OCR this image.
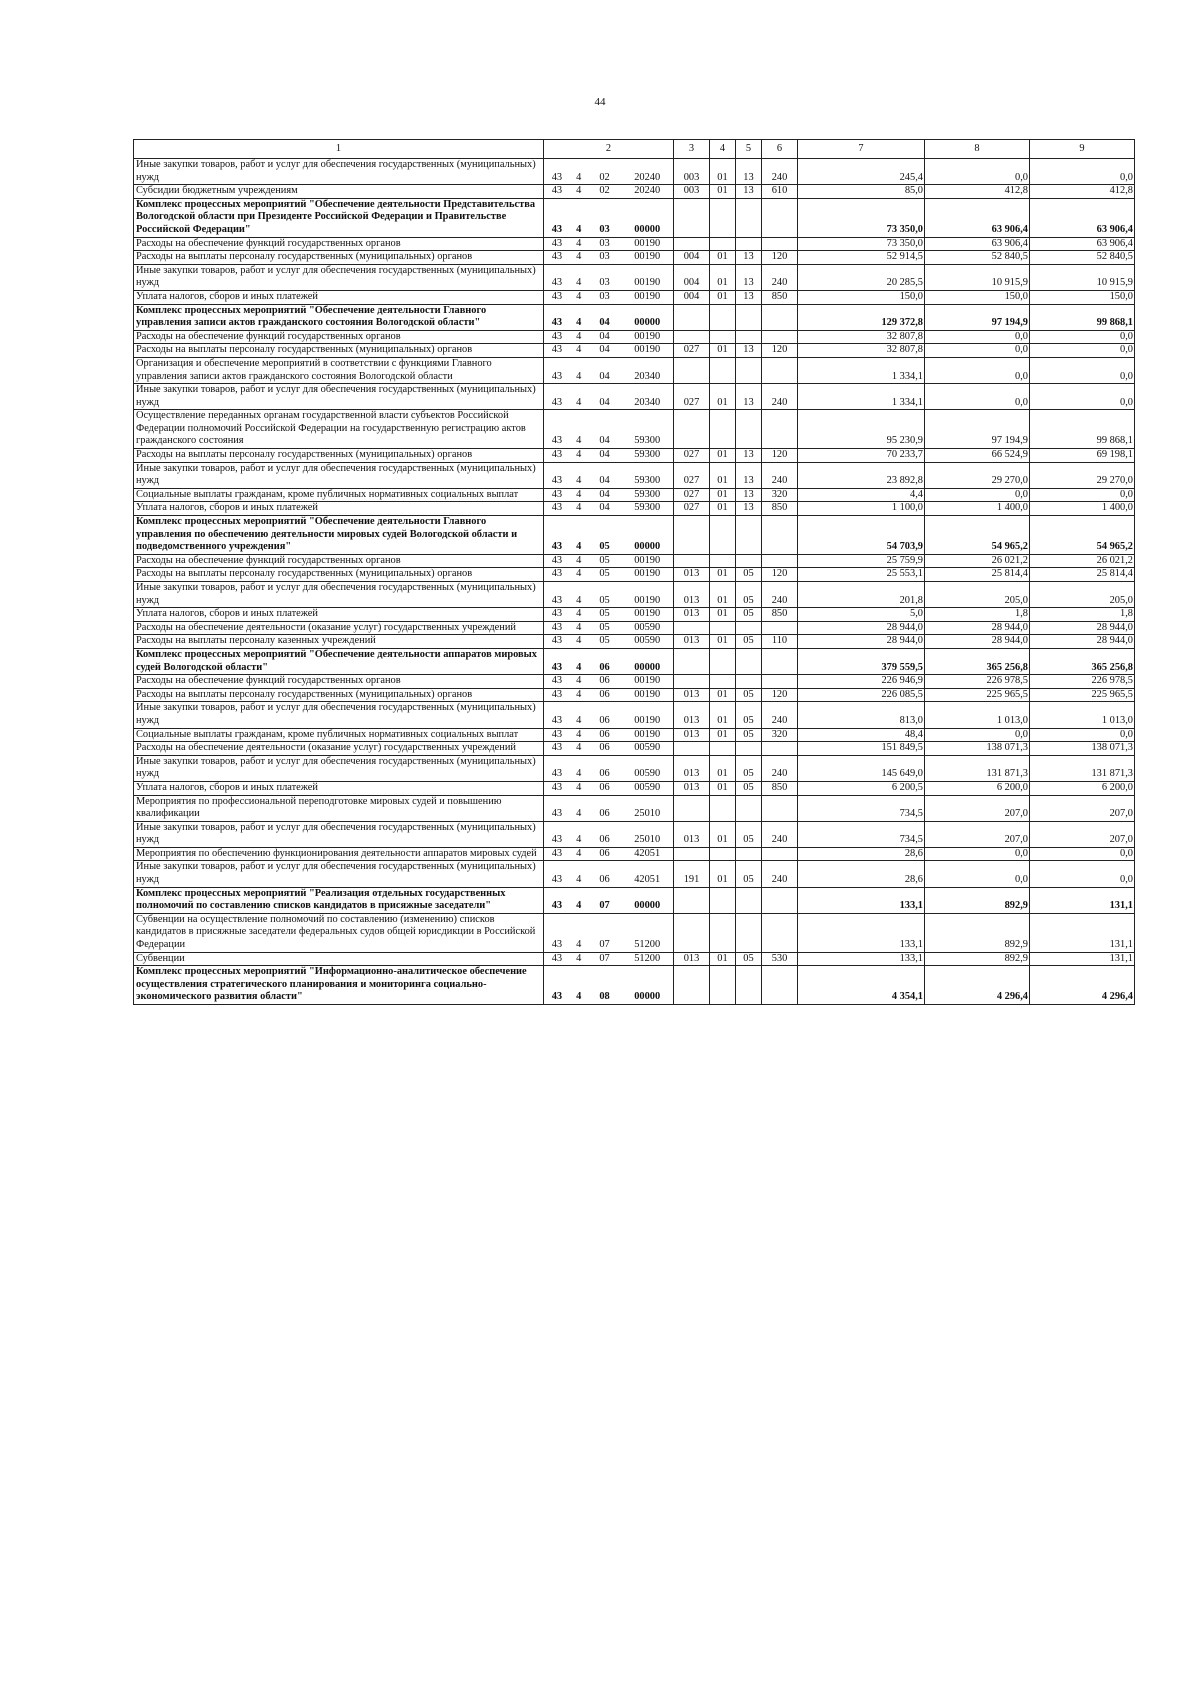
44
1	2	3	4	5	6	7	8	9
Иные закупки товаров, работ и услуг для обеспечения государственных (муниципальных) нужд	43 4 02 20240	003	01	13	240	245,4	0,0	0,0
Субсидии бюджетным учреждениям	43 4 02 20240	003	01	13	610	85,0	412,8	412,8
Комплекс процессных мероприятий "Обеспечение деятельности Представительства Вологодской области при Президенте Российской Федерации и Правительстве Российской Федерации"	43 4 03 00000					73 350,0	63 906,4	63 906,4
Расходы на обеспечение функций государственных органов	43 4 03 00190					73 350,0	63 906,4	63 906,4
Расходы на выплаты персоналу государственных (муниципальных) органов	43 4 03 00190	004	01	13	120	52 914,5	52 840,5	52 840,5
Иные закупки товаров, работ и услуг для обеспечения государственных (муниципальных) нужд	43 4 03 00190	004	01	13	240	20 285,5	10 915,9	10 915,9
Уплата налогов, сборов и иных платежей	43 4 03 00190	004	01	13	850	150,0	150,0	150,0
Комплекс процессных мероприятий "Обеспечение деятельности Главного управления записи актов гражданского состояния Вологодской области"	43 4 04 00000					129 372,8	97 194,9	99 868,1
Расходы на обеспечение функций государственных органов	43 4 04 00190					32 807,8	0,0	0,0
Расходы на выплаты персоналу государственных (муниципальных) органов	43 4 04 00190	027	01	13	120	32 807,8	0,0	0,0
Организация и обеспечение мероприятий в соответствии с функциями Главного управления записи актов гражданского состояния Вологодской области	43 4 04 20340					1 334,1	0,0	0,0
Иные закупки товаров, работ и услуг для обеспечения государственных (муниципальных) нужд	43 4 04 20340	027	01	13	240	1 334,1	0,0	0,0
Осуществление переданных органам государственной власти субъектов Российской Федерации полномочий Российской Федерации на государственную регистрацию актов гражданского состояния	43 4 04 59300					95 230,9	97 194,9	99 868,1
Расходы на выплаты персоналу государственных (муниципальных) органов	43 4 04 59300	027	01	13	120	70 233,7	66 524,9	69 198,1
Иные закупки товаров, работ и услуг для обеспечения государственных (муниципальных) нужд	43 4 04 59300	027	01	13	240	23 892,8	29 270,0	29 270,0
Социальные выплаты гражданам, кроме публичных нормативных социальных выплат	43 4 04 59300	027	01	13	320	4,4	0,0	0,0
Уплата налогов, сборов и иных платежей	43 4 04 59300	027	01	13	850	1 100,0	1 400,0	1 400,0
Комплекс процессных мероприятий "Обеспечение деятельности Главного управления по обеспечению деятельности мировых судей Вологодской области и подведомственного учреждения"	43 4 05 00000					54 703,9	54 965,2	54 965,2
Расходы на обеспечение функций государственных органов	43 4 05 00190					25 759,9	26 021,2	26 021,2
Расходы на выплаты персоналу государственных (муниципальных) органов	43 4 05 00190	013	01	05	120	25 553,1	25 814,4	25 814,4
Иные закупки товаров, работ и услуг для обеспечения государственных (муниципальных) нужд	43 4 05 00190	013	01	05	240	201,8	205,0	205,0
Уплата налогов, сборов и иных платежей	43 4 05 00190	013	01	05	850	5,0	1,8	1,8
Расходы на обеспечение деятельности (оказание услуг) государственных учреждений	43 4 05 00590					28 944,0	28 944,0	28 944,0
Расходы на выплаты персоналу казенных учреждений	43 4 05 00590	013	01	05	110	28 944,0	28 944,0	28 944,0
Комплекс процессных мероприятий "Обеспечение деятельности аппаратов мировых судей Вологодской области"	43 4 06 00000					379 559,5	365 256,8	365 256,8
Расходы на обеспечение функций государственных органов	43 4 06 00190					226 946,9	226 978,5	226 978,5
Расходы на выплаты персоналу государственных (муниципальных) органов	43 4 06 00190	013	01	05	120	226 085,5	225 965,5	225 965,5
Иные закупки товаров, работ и услуг для обеспечения государственных (муниципальных) нужд	43 4 06 00190	013	01	05	240	813,0	1 013,0	1 013,0
Социальные выплаты гражданам, кроме публичных нормативных социальных выплат	43 4 06 00190	013	01	05	320	48,4	0,0	0,0
Расходы на обеспечение деятельности (оказание услуг) государственных учреждений	43 4 06 00590					151 849,5	138 071,3	138 071,3
Иные закупки товаров, работ и услуг для обеспечения государственных (муниципальных) нужд	43 4 06 00590	013	01	05	240	145 649,0	131 871,3	131 871,3
Уплата налогов, сборов и иных платежей	43 4 06 00590	013	01	05	850	6 200,5	6 200,0	6 200,0
Мероприятия по профессиональной переподготовке мировых судей и повышению квалификации	43 4 06 25010					734,5	207,0	207,0
Иные закупки товаров, работ и услуг для обеспечения государственных (муниципальных) нужд	43 4 06 25010	013	01	05	240	734,5	207,0	207,0
Мероприятия по обеспечению функционирования деятельности аппаратов мировых судей	43 4 06 42051					28,6	0,0	0,0
Иные закупки товаров, работ и услуг для обеспечения государственных (муниципальных) нужд	43 4 06 42051	191	01	05	240	28,6	0,0	0,0
Комплекс процессных мероприятий "Реализация отдельных государственных полномочий по составлению списков кандидатов в присяжные заседатели"	43 4 07 00000					133,1	892,9	131,1
Субвенции на осуществление полномочий по составлению (изменению) списков кандидатов в присяжные заседатели федеральных судов общей юрисдикции в Российской Федерации	43 4 07 51200					133,1	892,9	131,1
Субвенции	43 4 07 51200	013	01	05	530	133,1	892,9	131,1
Комплекс процессных мероприятий "Информационно-аналитическое обеспечение осуществления стратегического планирования и мониторинга социально-экономического развития области"	43 4 08 00000					4 354,1	4 296,4	4 296,4
